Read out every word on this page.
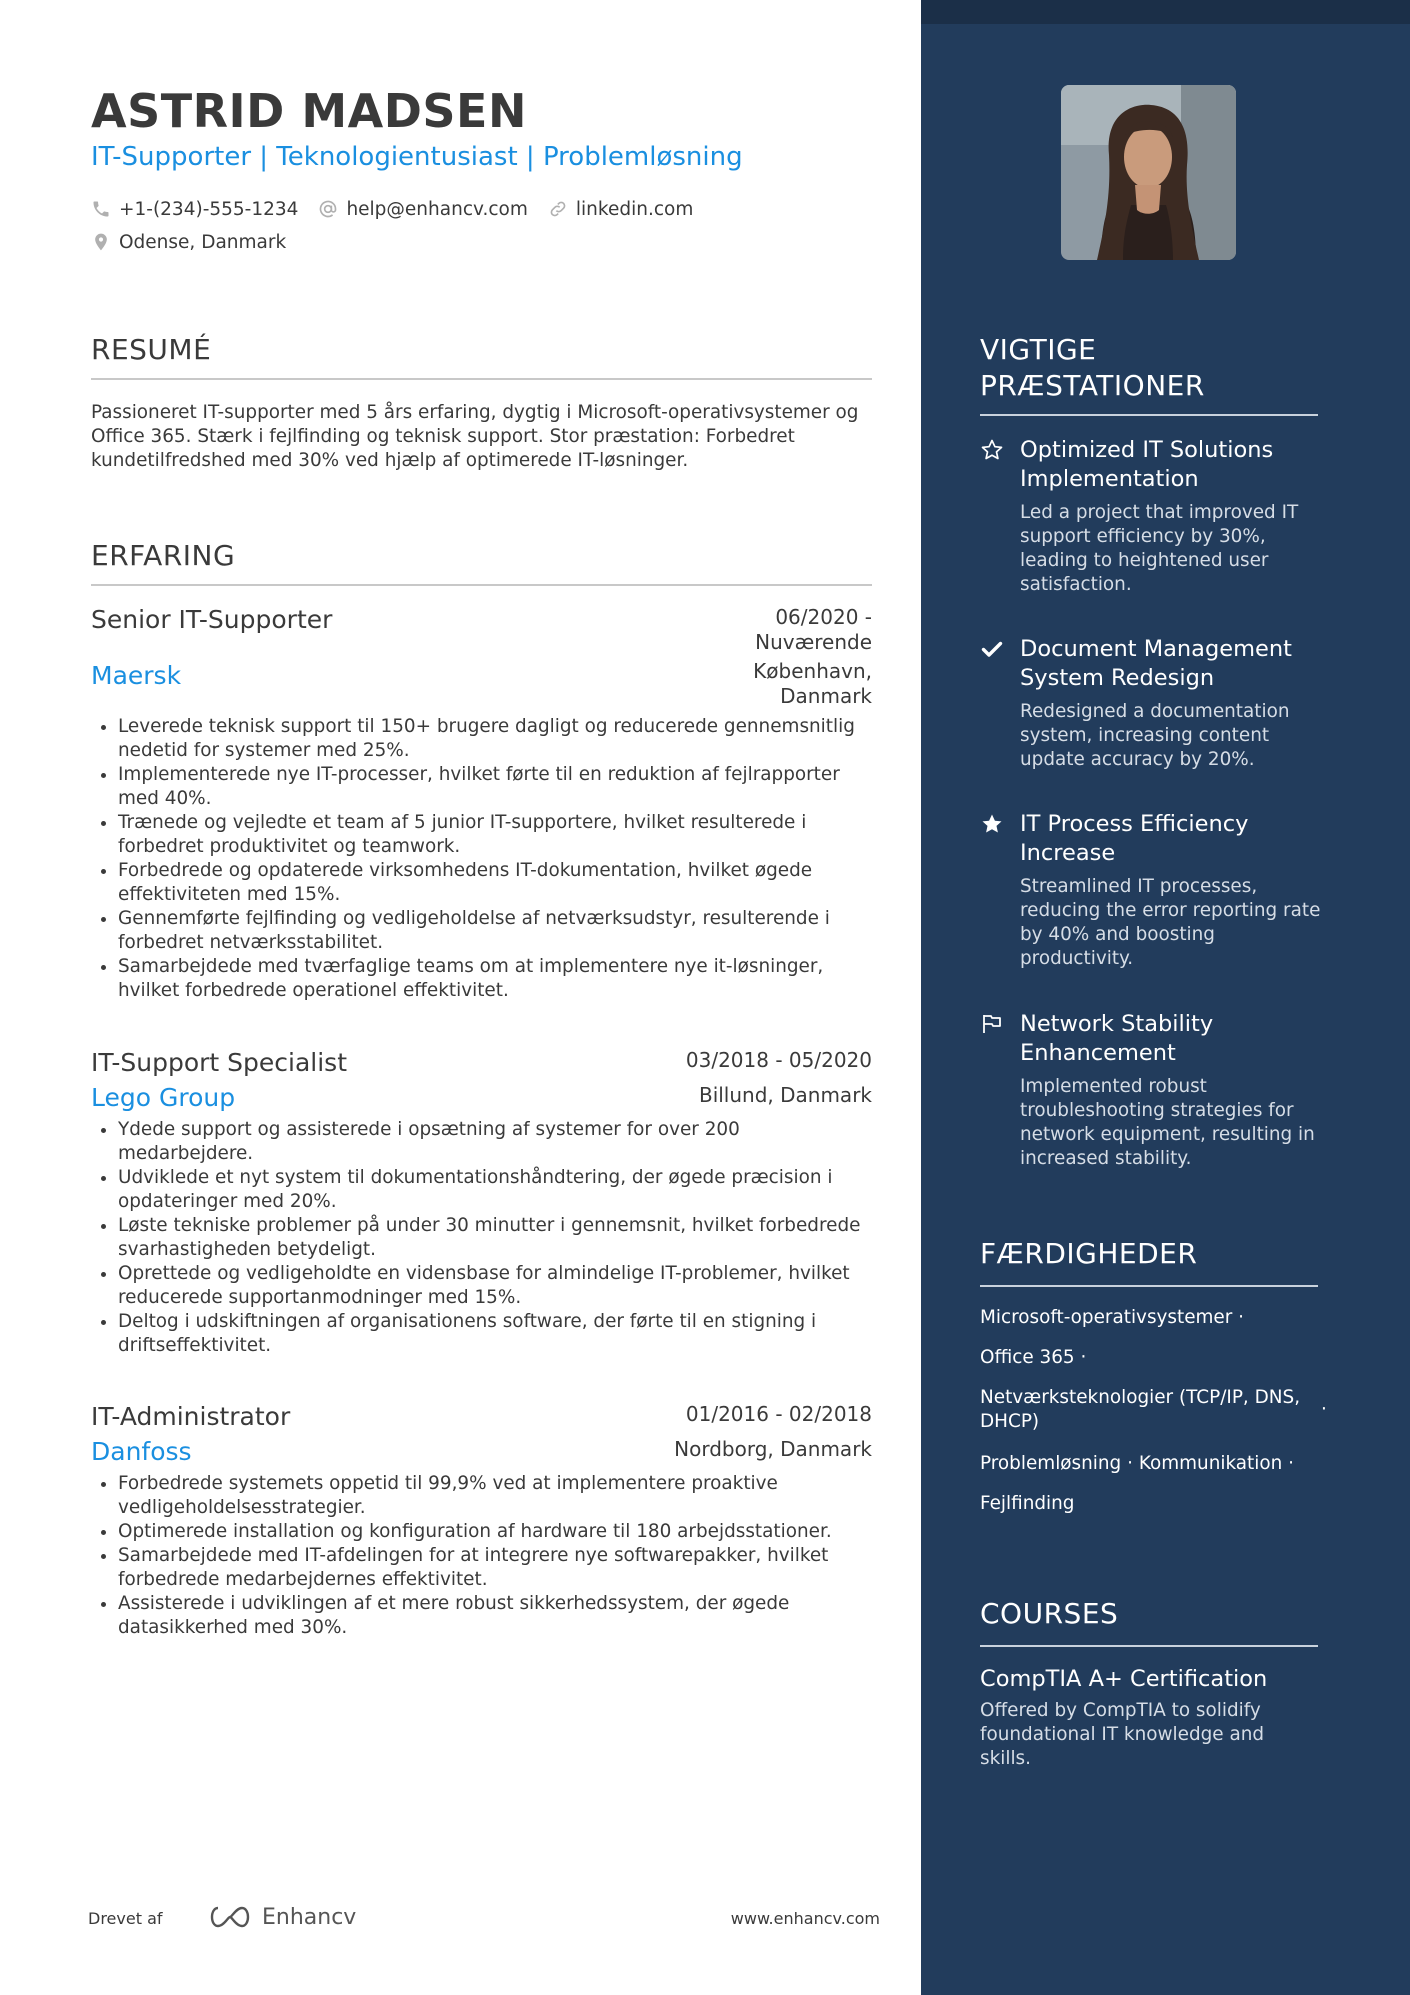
ASTRID MADSEN
IT-Supporter | Teknologientusiast | Problemløsning
+1-(234)-555-1234	help@enhancv.com	linkedin.com
Odense, Danmark
RESUMÉ
Passioneret IT-supporter med 5 års erfaring, dygtig i Microsoft-operativsystemer og Office 365. Stærk i fejlfinding og teknisk support. Stor præstation: Forbedret kundetilfredshed med 30% ved hjælp af optimerede IT-løsninger.
ERFARING
Senior IT-Supporter	06/2020 -
Nuværende
Maersk	København,
Danmark
• Leverede teknisk support til 150+ brugere dagligt og reducerede gennemsnitlig nedetid for systemer med 25%.
• Implementerede nye IT-processer, hvilket førte til en reduktion af fejlrapporter med 40%.
• Trænede og vejledte et team af 5 junior IT-supportere, hvilket resulterede i forbedret produktivitet og teamwork.
• Forbedrede og opdaterede virksomhedens IT-dokumentation, hvilket øgede effektiviteten med 15%.
• Gennemførte fejlfinding og vedligeholdelse af netværksudstyr, resulterende i forbedret netværksstabilitet.
• Samarbejdede med tværfaglige teams om at implementere nye it-løsninger, hvilket forbedrede operationel effektivitet.
IT-Support Specialist	03/2018 - 05/2020
Lego Group	Billund, Danmark
• Ydede support og assisterede i opsætning af systemer for over 200 medarbejdere.
• Udviklede et nyt system til dokumentationshåndtering, der øgede præcision i opdateringer med 20%.
• Løste tekniske problemer på under 30 minutter i gennemsnit, hvilket forbedrede svarhastigheden betydeligt.
• Oprettede og vedligeholdte en vidensbase for almindelige IT-problemer, hvilket reducerede supportanmodninger med 15%.
• Deltog i udskiftningen af organisationens software, der førte til en stigning i driftseffektivitet.
IT-Administrator	01/2016 - 02/2018
Danfoss	Nordborg, Danmark
• Forbedrede systemets oppetid til 99,9% ved at implementere proaktive vedligeholdelsesstrategier.
• Optimerede installation og konfiguration af hardware til 180 arbejdsstationer.
• Samarbejdede med IT-afdelingen for at integrere nye softwarepakker, hvilket forbedrede medarbejdernes effektivitet.
• Assisterede i udviklingen af et mere robust sikkerhedssystem, der øgede datasikkerhed med 30%.
Drevet af	Enhancv	www.enhancv.com
VIGTIGE
PRÆSTATIONER
Optimized IT Solutions Implementation
Led a project that improved IT support efficiency by 30%, leading to heightened user satisfaction.
Document Management System Redesign
Redesigned a documentation system, increasing content update accuracy by 20%.
IT Process Efficiency Increase
Streamlined IT processes, reducing the error reporting rate by 40% and boosting productivity.
Network Stability Enhancement
Implemented robust troubleshooting strategies for network equipment, resulting in increased stability.
FÆRDIGHEDER
Microsoft-operativsystemer ·
Office 365 ·
Netværksteknologier (TCP/IP, DNS, DHCP)
·
Problemløsning · Kommunikation ·
Fejlfinding
COURSES
CompTIA A+ Certification
Offered by CompTIA to solidify foundational IT knowledge and skills.
